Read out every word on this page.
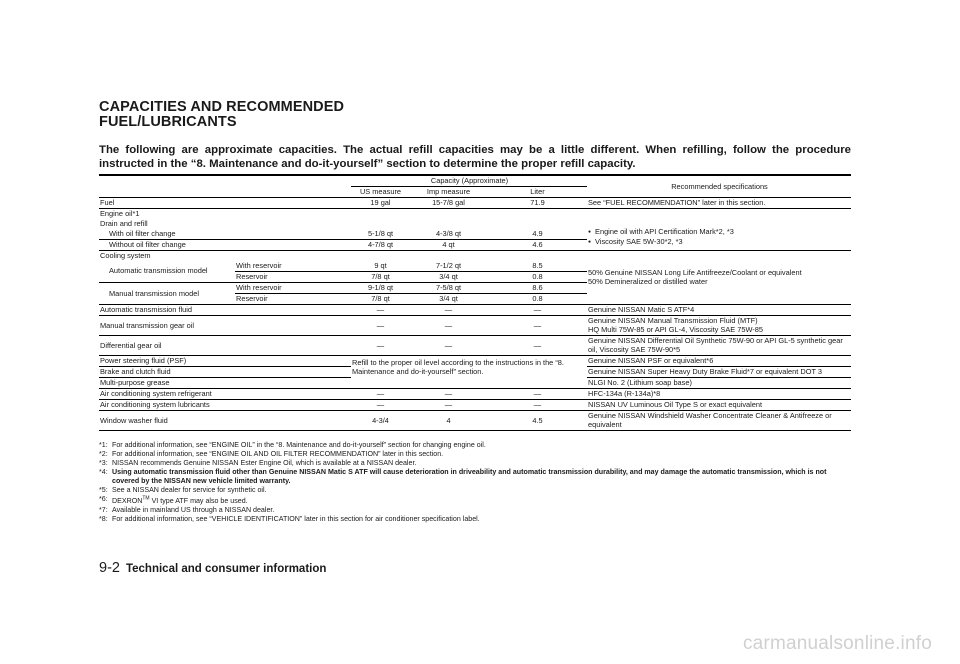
CAPACITIES AND RECOMMENDED
FUEL/LUBRICANTS

The following are approximate capacities. The actual refill capacities may be a little different. When refilling, follow the procedure instructed in the “8. Maintenance and do-it-yourself” section to determine the proper refill capacity.

		Capacity (Approximate)			Recommended specifications
		US measure	Imp measure	Liter	
Fuel		19 gal	15-7/8 gal	71.9	See “FUEL RECOMMENDATION” later in this section.
Engine oil*1					● Engine oil with API Certification Mark*2, *3
● Viscosity SAE 5W-30*2, *3

Drain and refill					
With oil filter change		5-1/8 qt	4-3/8 qt	4.9	
Without oil filter change		4-7/8 qt	4 qt	4.6	
Cooling system					50% Genuine NISSAN Long Life Antifreeze/Coolant or equivalent
50% Demineralized or distilled water

Automatic transmission model	With reservoir	9 qt	7-1/2 qt	8.5	
	Reservoir	7/8 qt	3/4 qt	0.8	
Manual transmission model	With reservoir	9-1/8 qt	7-5/8 qt	8.6	
	Reservoir	7/8 qt	3/4 qt	0.8	
Automatic transmission fluid		—	—	—	Genuine NISSAN Matic S ATF*4
Manual transmission gear oil		—	—	—	Genuine NISSAN Manual Transmission Fluid (MTF)
HQ Multi 75W-85 or API GL-4, Viscosity SAE 75W-85

Differential gear oil		—	—	—	Genuine NISSAN Differential Oil Synthetic 75W-90 or API GL-5 synthetic gear oil, Viscosity SAE 75W-90*5
Power steering fluid (PSF)		Refill to the proper oil level according to the instructions in the “8. Maintenance and do-it-yourself” section.			Genuine NISSAN PSF or equivalent*6
Brake and clutch fluid					Genuine NISSAN Super Heavy Duty Brake Fluid*7 or equivalent DOT 3
Multi-purpose grease					NLGI No. 2 (Lithium soap base)
Air conditioning system refrigerant		—	—	—	HFC-134a (R-134a)*8
Air conditioning system lubricants		—	—	—	NISSAN UV Luminous Oil Type S or exact equivalent
Window washer fluid		4-3/4	4	4.5	Genuine NISSAN Windshield Washer Concentrate Cleaner & Antifreeze or equivalent
*1: For additional information, see “ENGINE OIL” in the “8. Maintenance and do-it-yourself” section for changing engine oil.
*2: For additional information, see “ENGINE OIL AND OIL FILTER RECOMMENDATION” later in this section.
*3: NISSAN recommends Genuine NISSAN Ester Engine Oil, which is available at a NISSAN dealer.
*4: Using automatic transmission fluid other than Genuine NISSAN Matic S ATF will cause deterioration in driveability and automatic transmission durability, and may damage the automatic transmission, which is not covered by the NISSAN new vehicle limited warranty.
*5: See a NISSAN dealer for service for synthetic oil.
*6: DEXRON™ VI type ATF may also be used.
*7: Available in mainland US through a NISSAN dealer.
*8: For additional information, see “VEHICLE IDENTIFICATION” later in this section for air conditioner specification label.
9-2 Technical and consumer information
carmanualsonline.info
